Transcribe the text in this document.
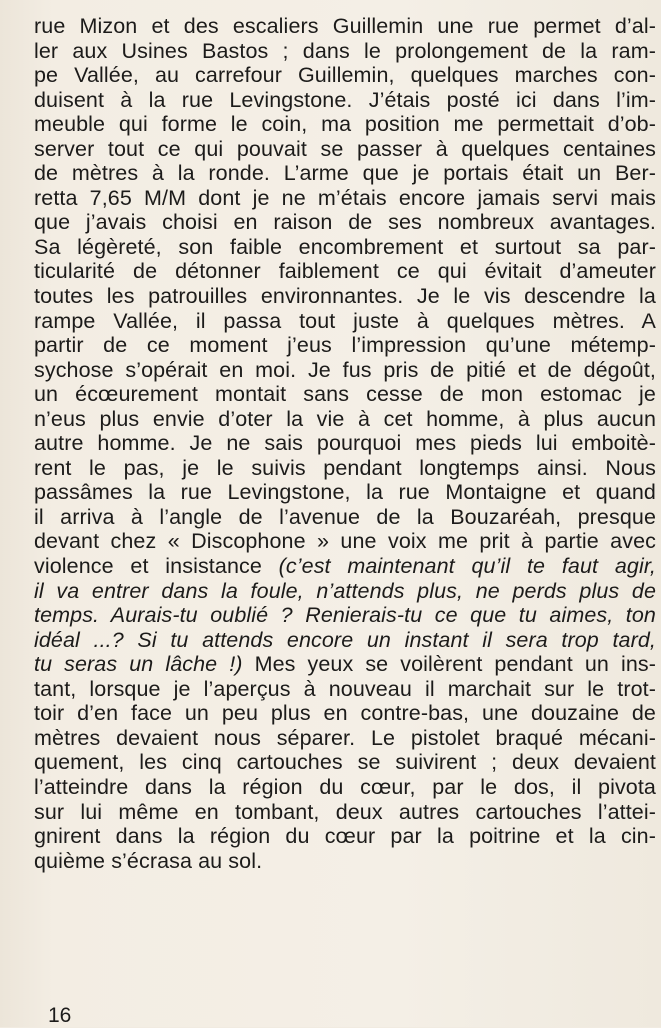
rue Mizon et des escaliers Guillemin une rue permet d’al-
ler aux Usines Bastos ; dans le prolongement de la ram-
pe Vallée, au carrefour Guillemin, quelques marches con-
duisent à la rue Levingstone. J’étais posté ici dans l’im-
meuble qui forme le coin, ma position me permettait d’ob-
server tout ce qui pouvait se passer à quelques centaines
de mètres à la ronde. L’arme que je portais était un Ber-
retta 7,65 M/M dont je ne m’étais encore jamais servi mais
que j’avais choisi en raison de ses nombreux avantages.
Sa légèreté, son faible encombrement et surtout sa par-
ticularité de détonner faiblement ce qui évitait d’ameuter
toutes les patrouilles environnantes. Je le vis descendre la
rampe Vallée, il passa tout juste à quelques mètres. A
partir de ce moment j’eus l’impression qu’une métemp-
sychose s’opérait en moi. Je fus pris de pitié et de dégoût,
un écœurement montait sans cesse de mon estomac je
n’eus plus envie d’oter la vie à cet homme, à plus aucun
autre homme. Je ne sais pourquoi mes pieds lui emboitè-
rent le pas, je le suivis pendant longtemps ainsi. Nous
passâmes la rue Levingstone, la rue Montaigne et quand
il arriva à l’angle de l’avenue de la Bouzaréah, presque
devant chez « Discophone » une voix me prit à partie avec
violence et insistance (c’est maintenant qu’il te faut agir,
il va entrer dans la foule, n’attends plus, ne perds plus de
temps. Aurais-tu oublié ? Renierais-tu ce que tu aimes, ton
idéal ...? Si tu attends encore un instant il sera trop tard,
tu seras un lâche !) Mes yeux se voilèrent pendant un ins-
tant, lorsque je l’aperçus à nouveau il marchait sur le trot-
toir d’en face un peu plus en contre-bas, une douzaine de
mètres devaient nous séparer. Le pistolet braqué mécani-
quement, les cinq cartouches se suivirent ; deux devaient
l’atteindre dans la région du cœur, par le dos, il pivota
sur lui même en tombant, deux autres cartouches l’attei-
gnirent dans la région du cœur par la poitrine et la cin-
quième s’écrasa au sol.
16
